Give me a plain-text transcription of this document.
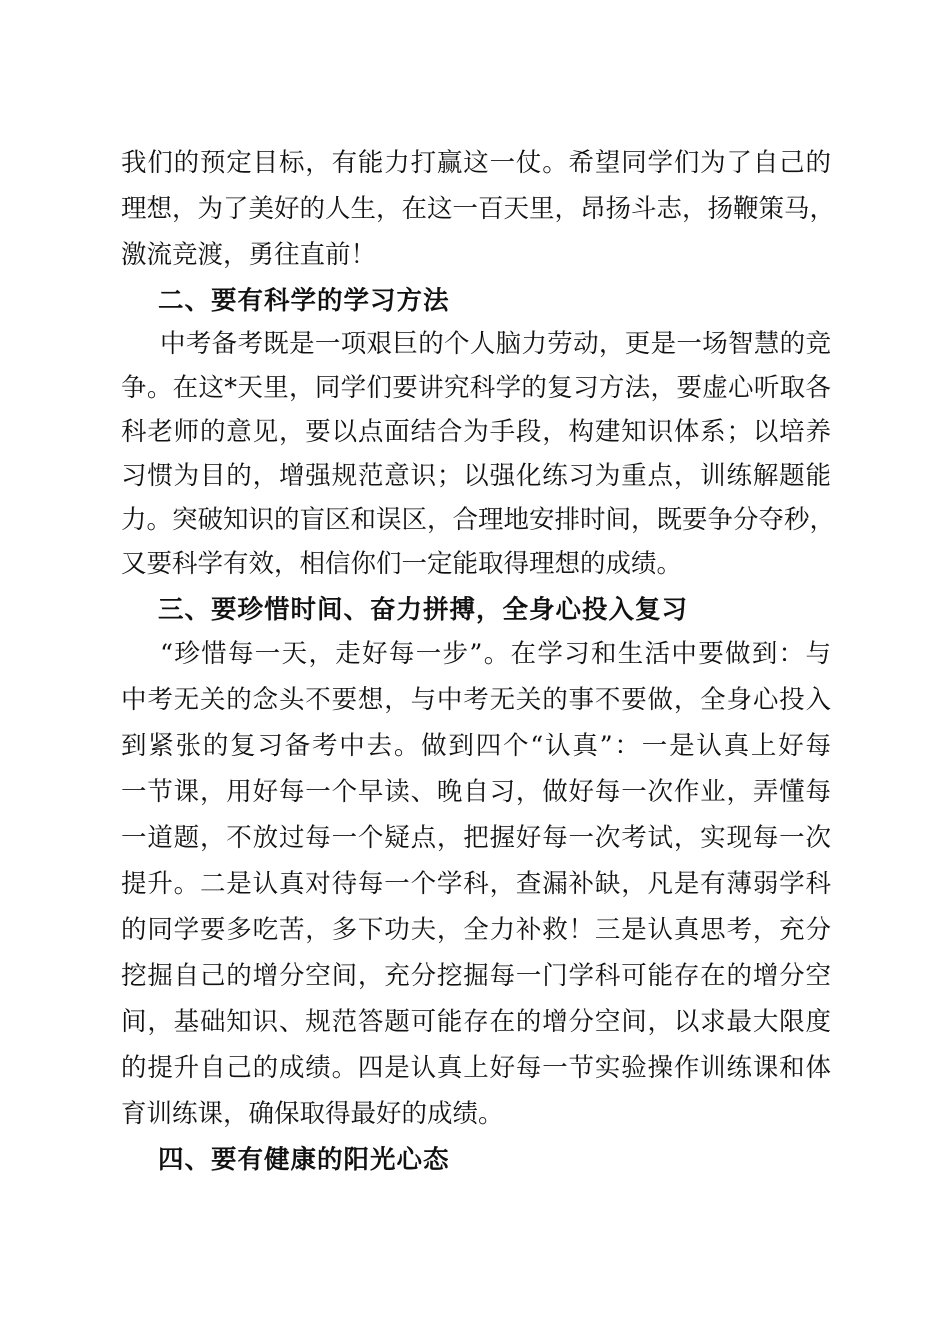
我们的预定目标，有能力打赢这一仗。希望同学们为了自己的
理想，为了美好的人生，在这一百天里，昂扬斗志，扬鞭策马，
激流竞渡，勇往直前！
二、要有科学的学习方法
中考备考既是一项艰巨的个人脑力劳动，更是一场智慧的竞
争。在这*天里，同学们要讲究科学的复习方法，要虚心听取各
科老师的意见，要以点面结合为手段，构建知识体系；以培养
习惯为目的，增强规范意识；以强化练习为重点，训练解题能
力。突破知识的盲区和误区，合理地安排时间，既要争分夺秒，
又要科学有效，相信你们一定能取得理想的成绩。
三、要珍惜时间、奋力拼搏，全身心投入复习
“珍惜每一天，走好每一步”。在学习和生活中要做到：与
中考无关的念头不要想，与中考无关的事不要做，全身心投入
到紧张的复习备考中去。做到四个“认真”：一是认真上好每
一节课，用好每一个早读、晚自习，做好每一次作业，弄懂每
一道题，不放过每一个疑点，把握好每一次考试，实现每一次
提升。二是认真对待每一个学科，查漏补缺，凡是有薄弱学科
的同学要多吃苦，多下功夫，全力补救！三是认真思考，充分
挖掘自己的增分空间，充分挖掘每一门学科可能存在的增分空
间，基础知识、规范答题可能存在的增分空间，以求最大限度
的提升自己的成绩。四是认真上好每一节实验操作训练课和体
育训练课，确保取得最好的成绩。
四、要有健康的阳光心态
